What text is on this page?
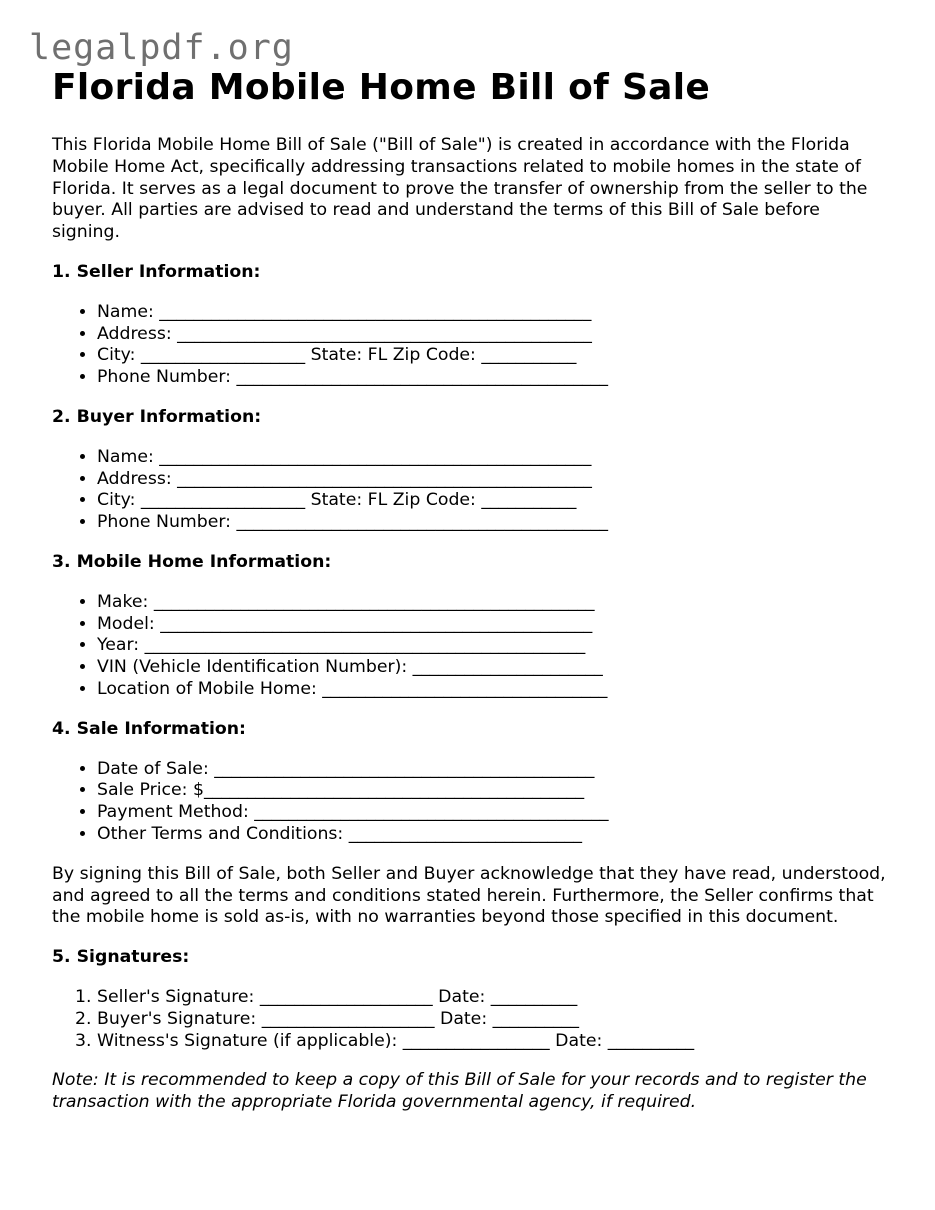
legalpdf.org
Florida Mobile Home Bill of Sale

This Florida Mobile Home Bill of Sale ("Bill of Sale") is created in accordance with the Florida Mobile Home Act, specifically addressing transactions related to mobile homes in the state of Florida. It serves as a legal document to prove the transfer of ownership from the seller to the buyer. All parties are advised to read and understand the terms of this Bill of Sale before signing.

1. Seller Information:
• Name: __________________________________________________
• Address: ________________________________________________
• City: ___________________ State: FL Zip Code: ___________
• Phone Number: ___________________________________________
2. Buyer Information:
• Name: __________________________________________________
• Address: ________________________________________________
• City: ___________________ State: FL Zip Code: ___________
• Phone Number: ___________________________________________
3. Mobile Home Information:
• Make: ___________________________________________________
• Model: __________________________________________________
• Year: ___________________________________________________
• VIN (Vehicle Identification Number): ______________________
• Location of Mobile Home: _________________________________
4. Sale Information:
• Date of Sale: ____________________________________________
• Sale Price: $____________________________________________
• Payment Method: _________________________________________
• Other Terms and Conditions: ___________________________

By signing this Bill of Sale, both Seller and Buyer acknowledge that they have read, understood, and agreed to all the terms and conditions stated herein. Furthermore, the Seller confirms that the mobile home is sold as-is, with no warranties beyond those specified in this document.

5. Signatures:
1. Seller's Signature: ____________________ Date: __________
2. Buyer's Signature: ____________________ Date: __________
3. Witness's Signature (if applicable): _________________ Date: __________

Note: It is recommended to keep a copy of this Bill of Sale for your records and to register the transaction with the appropriate Florida governmental agency, if required.
